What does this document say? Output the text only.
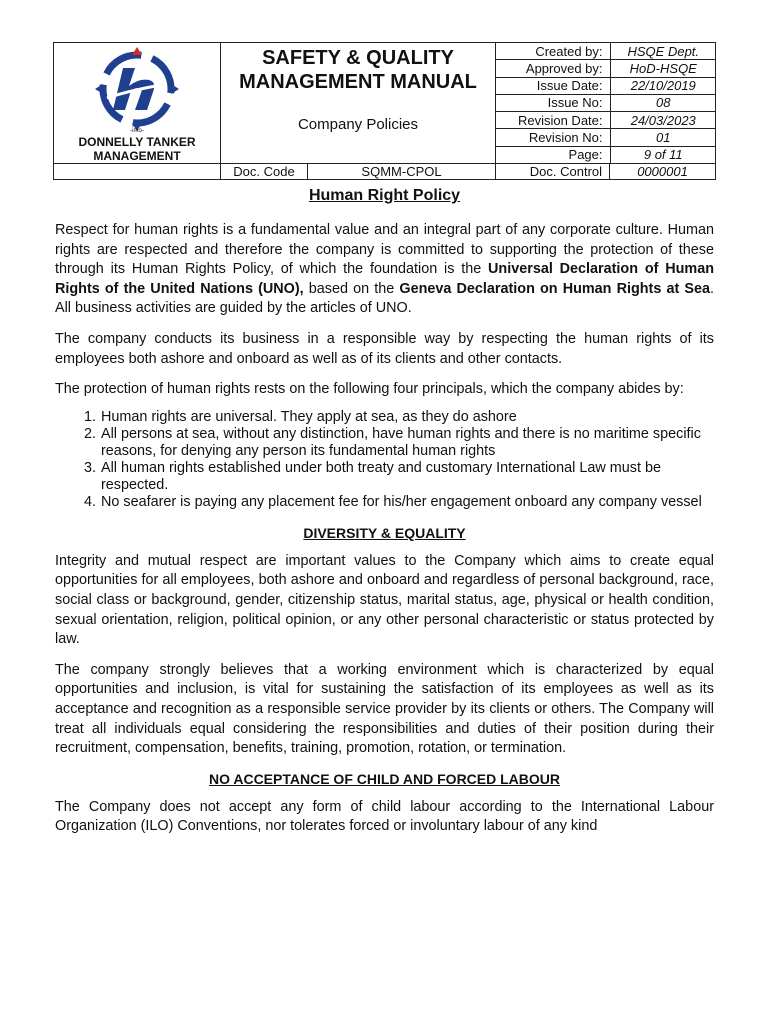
-imo-
DONNELLY TANKER
MANAGEMENT

SAFETY & QUALITY
MANAGEMENT MANUAL
Company Policies

Created by:	HSQE Dept.
Approved by:	HoD-HSQE
Issue Date:	22/10/2019
Issue No:	08
Revision Date:	24/03/2023
Revision No:	01
Page:	9 of 11

	Doc. Code	SQMM-CPOL	Doc. Control	0000001
Human Right Policy

Respect for human rights is a fundamental value and an integral part of any corporate culture. Human rights are respected and therefore the company is committed to supporting the protection of these through its Human Rights Policy, of which the foundation is the Universal Declaration of Human Rights of the United Nations (UNO), based on the Geneva Declaration on Human Rights at Sea. All business activities are guided by the articles of UNO.

The company conducts its business in a responsible way by respecting the human rights of its employees both ashore and onboard as well as of its clients and other contacts.

The protection of human rights rests on the following four principals, which the company abides by:

1. Human rights are universal. They apply at sea, as they do ashore
2. All persons at sea, without any distinction, have human rights and there is no maritime specific reasons, for denying any person its fundamental human rights
3. All human rights established under both treaty and customary International Law must be respected.
4. No seafarer is paying any placement fee for his/her engagement onboard any company vessel
DIVERSITY & EQUALITY

Integrity and mutual respect are important values to the Company which aims to create equal opportunities for all employees, both ashore and onboard and regardless of personal background, race, social class or background, gender, citizenship status, marital status, age, physical or health condition, sexual orientation, religion, political opinion, or any other personal characteristic or status protected by law.

The company strongly believes that a working environment which is characterized by equal opportunities and inclusion, is vital for sustaining the satisfaction of its employees as well as its acceptance and recognition as a responsible service provider by its clients or others. The Company will treat all individuals equal considering the responsibilities and duties of their position during their recruitment, compensation, benefits, training, promotion, rotation, or termination.

NO ACCEPTANCE OF CHILD AND FORCED LABOUR

The Company does not accept any form of child labour according to the International Labour Organization (ILO) Conventions, nor tolerates forced or involuntary labour of any kind
